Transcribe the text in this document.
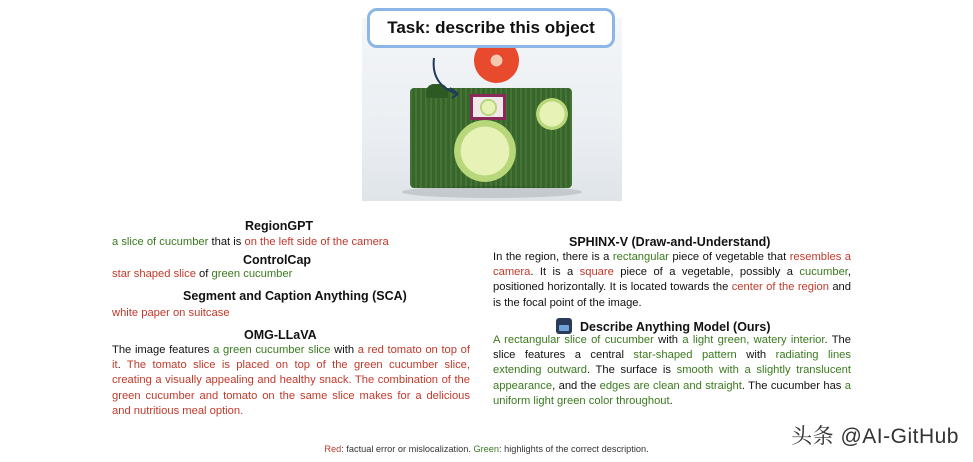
Task: describe this object
RegionGPT
a slice of cucumber that is on the left side of the camera
ControlCap
star shaped slice of green cucumber
Segment and Caption Anything (SCA)
white paper on suitcase
OMG-LLaVA
The image features a green cucumber slice with a red tomato on top of it. The tomato slice is placed on top of the green cucumber slice, creating a visually appealing and healthy snack. The combination of the green cucumber and tomato on the same slice makes for a delicious and nutritious meal option.
SPHINX-V (Draw-and-Understand)
In the region, there is a rectangular piece of vegetable that resembles a camera. It is a square piece of a vegetable, possibly a cucumber, positioned horizontally. It is located towards the center of the region and is the focal point of the image.
Describe Anything Model (Ours)
A rectangular slice of cucumber with a light green, watery interior. The slice features a central star-shaped pattern with radiating lines extending outward. The surface is smooth with a slightly translucent appearance, and the edges are clean and straight. The cucumber has a uniform light green color throughout.
头条 @AI-GitHub
Red: factual error or mislocalization. Green: highlights of the correct description.
